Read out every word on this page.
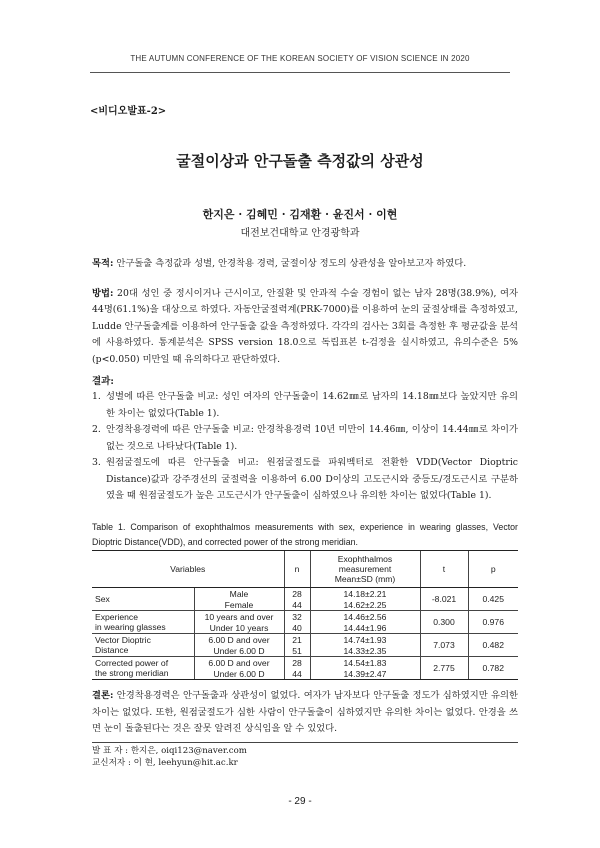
THE AUTUMN CONFERENCE OF THE KOREAN SOCIETY OF VISION SCIENCE IN 2020
<비디오발표-2>
굴절이상과 안구돌출 측정값의 상관성
한지은 · 김혜민 · 김재환 · 윤진서 · 이현
대전보건대학교 안경광학과
목적: 안구돌출 측정값과 성별, 안경착용 경력, 굴절이상 정도의 상관성을 알아보고자 하였다.
방법: 20대 성인 중 정시이거나 근시이고, 안질환 및 안과적 수술 경험이 없는 남자 28명(38.9%), 여자 44명(61.1%)을 대상으로 하였다. 자동안굴절력계(PRK-7000)를 이용하여 눈의 굴절상태를 측정하였고, Ludde 안구돌출계를 이용하여 안구돌출 값을 측정하였다. 각각의 검사는 3회를 측정한 후 평균값을 분석에 사용하였다. 통계분석은 SPSS version 18.0으로 독립표본 t-검정을 실시하였고, 유의수준은 5%(p<0.050) 미만일 때 유의하다고 판단하였다.
결과:
1. 성별에 따른 안구돌출 비교: 성인 여자의 안구돌출이 14.62㎜로 남자의 14.18㎜보다 높았지만 유의한 차이는 없었다(Table 1).
2. 안경착용경력에 따른 안구돌출 비교: 안경착용경력 10년 미만이 14.46㎜, 이상이 14.44㎜로 차이가 없는 것으로 나타났다(Table 1).
3. 원점굴절도에 따른 안구돌출 비교: 원점굴절도를 파워벡터로 전환한 VDD(Vector Dioptric Distance)값과 강주경선의 굴절력을 이용하여 6.00 D이상의 고도근시와 중등도/경도근시로 구분하였을 때 원점굴절도가 높은 고도근시가 안구돌출이 심하였으나 유의한 차이는 없었다(Table 1).
Table 1. Comparison of exophthalmos measurements with sex, experience in wearing glasses, Vector Dioptric Distance(VDD), and corrected power of the strong meridian.
Variables		n	Exophthalmos
measurement
Mean±SD (mm)	t	p

Sex	Male	28	14.18±2.21	-8.021	0.425
	Female	44	14.62±2.25		

Experience
in wearing glasses	10 years and over	32	14.46±2.56	0.300	0.976
	Under 10 years	40	14.44±1.96		

Vector Dioptric
Distance	6.00 D and over	21	14.74±1.93	7.073	0.482
	Under 6.00 D	51	14.33±2.35		

Corrected power of
the strong meridian	6.00 D and over	28	14.54±1.83	2.775	0.782
	Under 6.00 D	44	14.39±2.47		
결론: 안경착용경력은 안구돌출과 상관성이 없었다. 여자가 남자보다 안구돌출 정도가 심하였지만 유의한 차이는 없었다. 또한, 원점굴절도가 심한 사람이 안구돌출이 심하였지만 유의한 차이는 없었다. 안경을 쓰면 눈이 돌출된다는 것은 잘못 알려진 상식임을 알 수 있었다.
발 표 자 : 한지은, oiqi123@naver.com
교신저자 : 이 현, leehyun@hit.ac.kr
- 29 -
